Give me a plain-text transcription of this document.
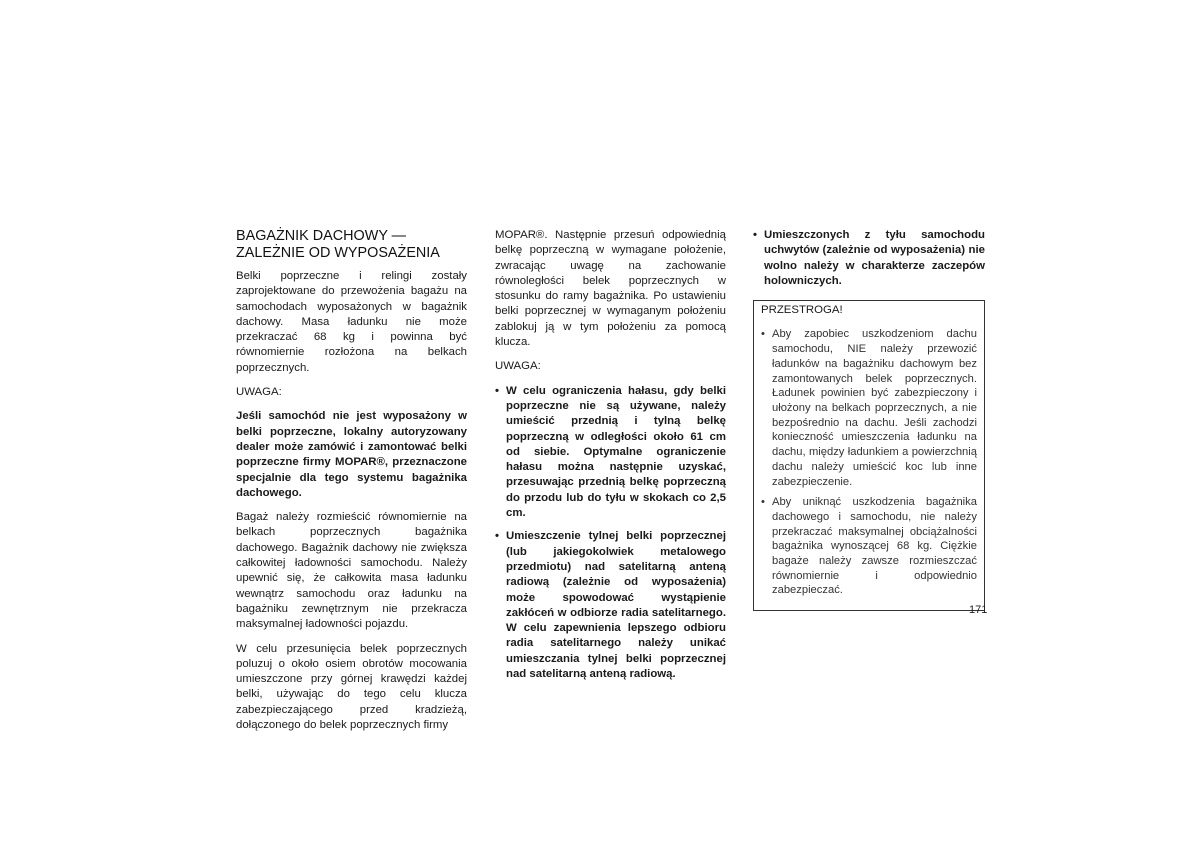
BAGAŻNIK DACHOWY — ZALEŻNIE OD WYPOSAŻENIA

Belki poprzeczne i relingi zostały zaprojektowane do przewożenia bagażu na samochodach wyposażonych w bagażnik dachowy. Masa ładunku nie może przekraczać 68 kg i powinna być równomiernie rozłożona na belkach poprzecznych.

UWAGA:

Jeśli samochód nie jest wyposażony w belki poprzeczne, lokalny autoryzowany dealer może zamówić i zamontować belki poprzeczne firmy MOPAR®, przeznaczone specjalnie dla tego systemu bagażnika dachowego.

Bagaż należy rozmieścić równomiernie na belkach poprzecznych bagażnika dachowego. Bagażnik dachowy nie zwiększa całkowitej ładowności samochodu. Należy upewnić się, że całkowita masa ładunku wewnątrz samochodu oraz ładunku na bagażniku zewnętrznym nie przekracza maksymalnej ładowności pojazdu.

W celu przesunięcia belek poprzecznych poluzuj o około osiem obrotów mocowania umieszczone przy górnej krawędzi każdej belki, używając do tego celu klucza zabezpieczającego przed kradzieżą, dołączonego do belek poprzecznych firmy

MOPAR®. Następnie przesuń odpowiednią belkę poprzeczną w wymagane położenie, zwracając uwagę na zachowanie równoległości belek poprzecznych w stosunku do ramy bagażnika. Po ustawieniu belki poprzecznej w wymaganym położeniu zablokuj ją w tym położeniu za pomocą klucza.

UWAGA:

• W celu ograniczenia hałasu, gdy belki poprzeczne nie są używane, należy umieścić przednią i tylną belkę poprzeczną w odległości około 61 cm od siebie. Optymalne ograniczenie hałasu można następnie uzyskać, przesuwając przednią belkę poprzeczną do przodu lub do tyłu w skokach co 2,5 cm.
• Umieszczenie tylnej belki poprzecznej (lub jakiegokolwiek metalowego przedmiotu) nad satelitarną anteną radiową (zależnie od wyposażenia) może spowodować wystąpienie zakłóceń w odbiorze radia satelitarnego. W celu zapewnienia lepszego odbioru radia satelitarnego należy unikać umieszczania tylnej belki poprzecznej nad satelitarną anteną radiową.
• Umieszczonych z tyłu samochodu uchwytów (zależnie od wyposażenia) nie wolno należy w charakterze zaczepów holowniczych.

PRZESTROGA!

• Aby zapobiec uszkodzeniom dachu samochodu, NIE należy przewozić ładunków na bagażniku dachowym bez zamontowanych belek poprzecznych. Ładunek powinien być zabezpieczony i ułożony na belkach poprzecznych, a nie bezpośrednio na dachu. Jeśli zachodzi konieczność umieszczenia ładunku na dachu, między ładunkiem a powierzchnią dachu należy umieścić koc lub inne zabezpieczenie.
• Aby uniknąć uszkodzenia bagażnika dachowego i samochodu, nie należy przekraczać maksymalnej obciążalności bagażnika wynoszącej 68 kg. Ciężkie bagaże należy zawsze rozmieszczać równomiernie i odpowiednio zabezpieczać.
171
